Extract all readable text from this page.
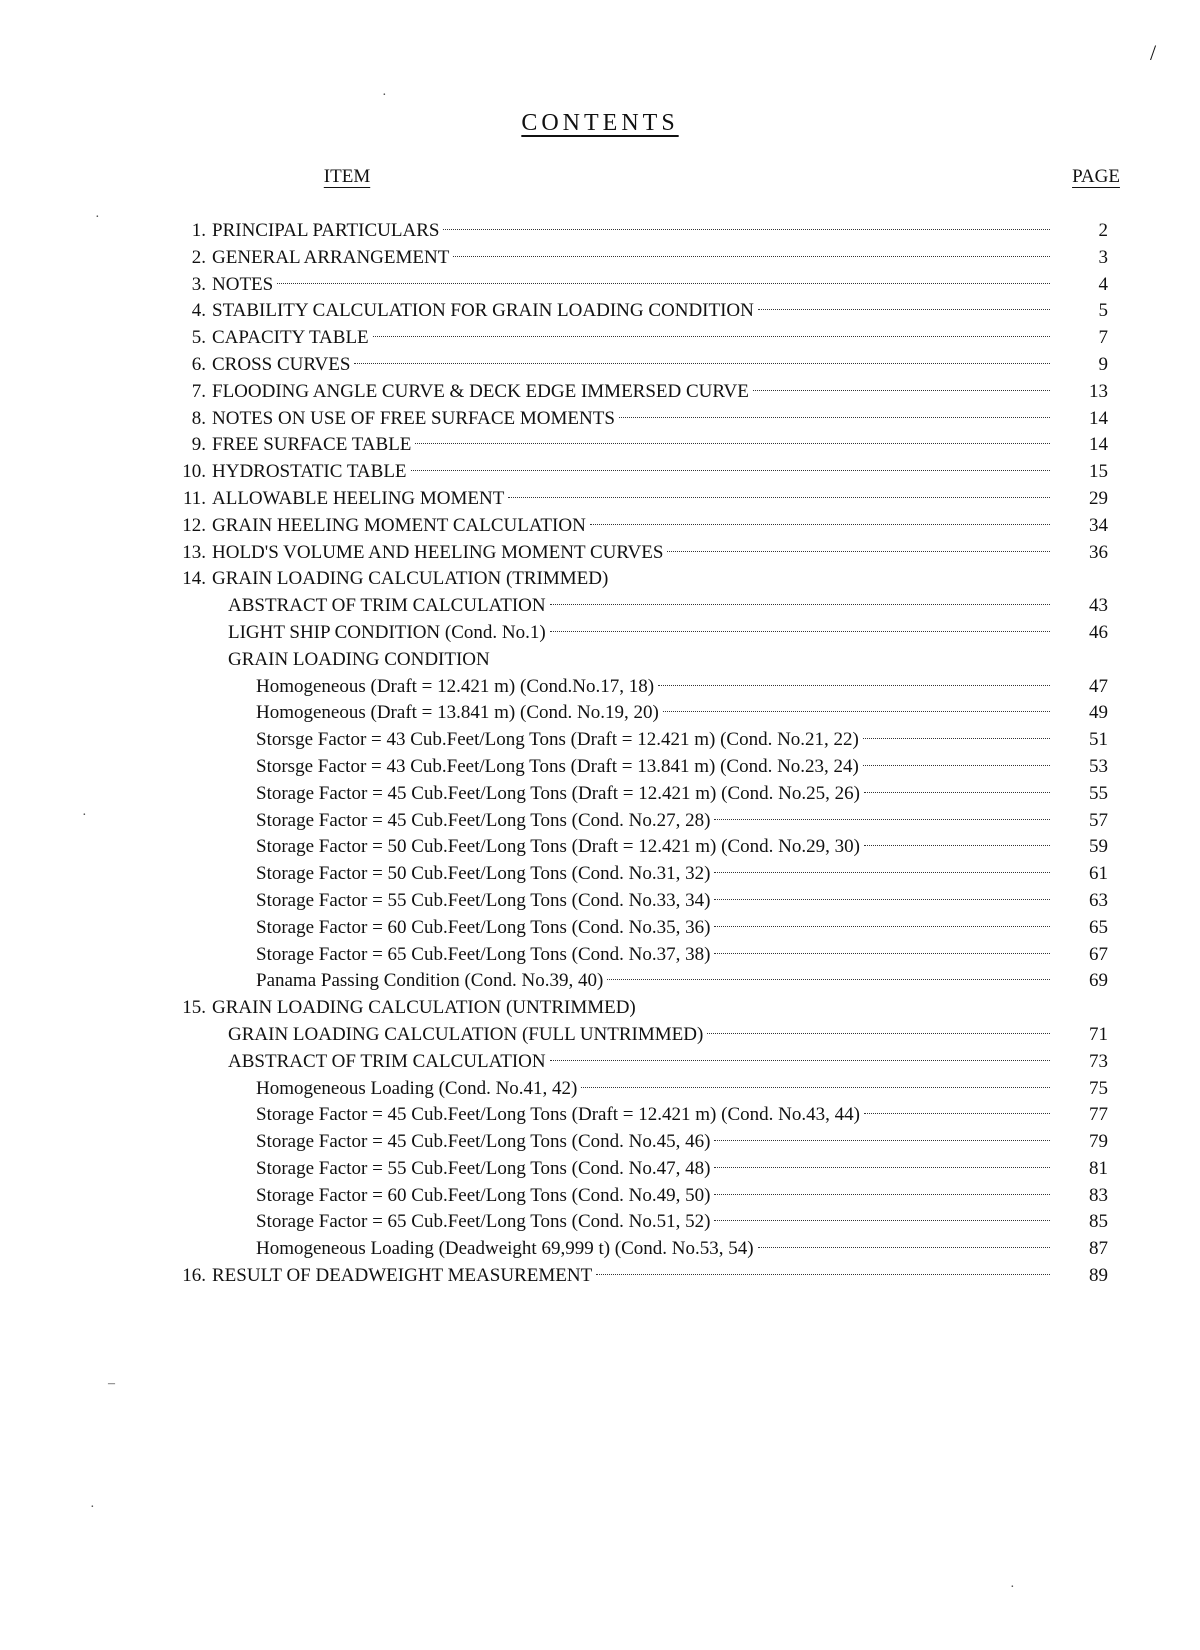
/
CONTENTS
ITEM	PAGE
1. PRINCIPAL PARTICULARS	2
2. GENERAL ARRANGEMENT	3
3. NOTES	4
4. STABILITY CALCULATION FOR GRAIN LOADING CONDITION	5
5. CAPACITY TABLE	7
6. CROSS CURVES	9
7. FLOODING ANGLE CURVE & DECK EDGE IMMERSED CURVE	13
8. NOTES ON USE OF FREE SURFACE MOMENTS	14
9. FREE SURFACE TABLE	14
10. HYDROSTATIC TABLE	15
11. ALLOWABLE HEELING MOMENT	29
12. GRAIN HEELING MOMENT CALCULATION	34
13. HOLD'S VOLUME AND HEELING MOMENT CURVES	36
14. GRAIN LOADING CALCULATION (TRIMMED)
ABSTRACT OF TRIM CALCULATION	43
LIGHT SHIP CONDITION (Cond. No.1)	46
GRAIN LOADING CONDITION
Homogeneous (Draft = 12.421 m) (Cond.No.17, 18)	47
Homogeneous (Draft = 13.841 m) (Cond. No.19, 20)	49
Storsge Factor = 43 Cub.Feet/Long Tons (Draft = 12.421 m) (Cond. No.21, 22)	51
Storsge Factor = 43 Cub.Feet/Long Tons (Draft = 13.841 m) (Cond. No.23, 24)	53
Storage Factor = 45 Cub.Feet/Long Tons (Draft = 12.421 m) (Cond. No.25, 26)	55
Storage Factor = 45 Cub.Feet/Long Tons (Cond. No.27, 28)	57
Storage Factor = 50 Cub.Feet/Long Tons (Draft = 12.421 m) (Cond. No.29, 30)	59
Storage Factor = 50 Cub.Feet/Long Tons (Cond. No.31, 32)	61
Storage Factor = 55 Cub.Feet/Long Tons (Cond. No.33, 34)	63
Storage Factor = 60 Cub.Feet/Long Tons (Cond. No.35, 36)	65
Storage Factor = 65 Cub.Feet/Long Tons (Cond. No.37, 38)	67
Panama Passing Condition (Cond. No.39, 40)	69
15. GRAIN LOADING CALCULATION (UNTRIMMED)
GRAIN LOADING CALCULATION (FULL UNTRIMMED)	71
ABSTRACT OF TRIM CALCULATION	73
Homogeneous Loading (Cond. No.41, 42)	75
Storage Factor = 45 Cub.Feet/Long Tons (Draft = 12.421 m) (Cond. No.43, 44)	77
Storage Factor = 45 Cub.Feet/Long Tons (Cond. No.45, 46)	79
Storage Factor = 55 Cub.Feet/Long Tons (Cond. No.47, 48)	81
Storage Factor = 60 Cub.Feet/Long Tons (Cond. No.49, 50)	83
Storage Factor = 65 Cub.Feet/Long Tons (Cond. No.51, 52)	85
Homogeneous Loading (Deadweight 69,999 t) (Cond. No.53, 54)	87
16. RESULT OF DEADWEIGHT MEASUREMENT	89
·
·
·
–
·
·
